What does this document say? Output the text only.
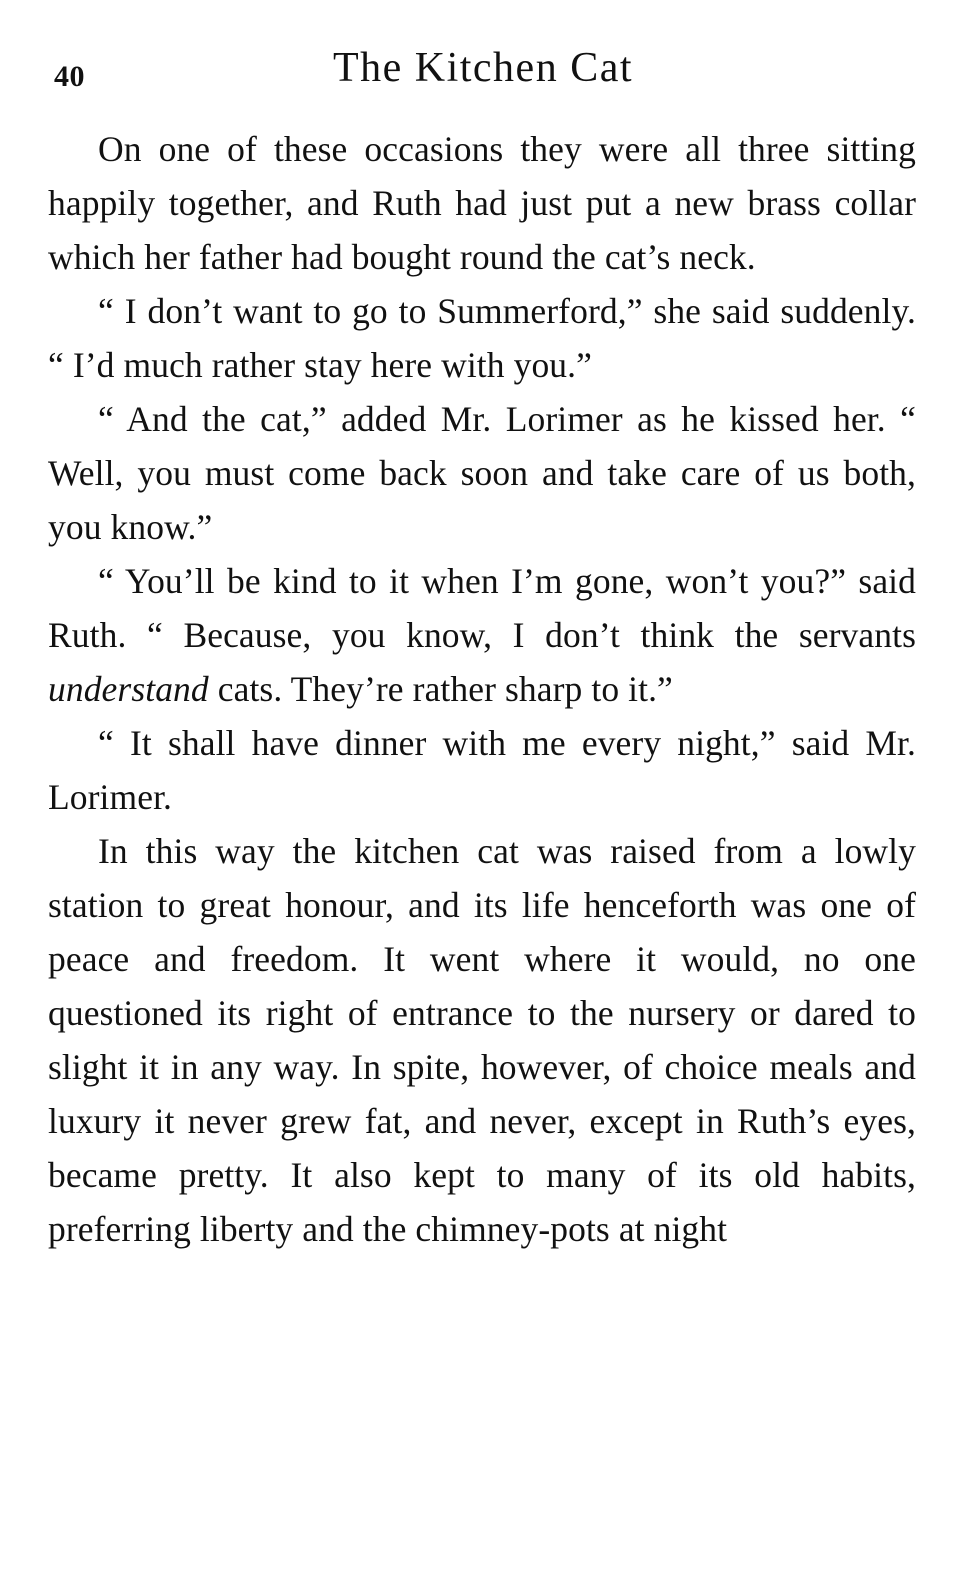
40	The Kitchen Cat

On one of these occasions they were all three sitting happily together, and Ruth had just put a new brass collar which her father had bought round the cat’s neck.

“ I don’t want to go to Summerford,” she said suddenly. “ I’d much rather stay here with you.”

“ And the cat,” added Mr. Lorimer as he kissed her. “ Well, you must come back soon and take care of us both, you know.”

“ You’ll be kind to it when I’m gone, won’t you?” said Ruth. “ Because, you know, I don’t think the servants understand cats. They’re rather sharp to it.”

“ It shall have dinner with me every night,” said Mr. Lorimer.

In this way the kitchen cat was raised from a lowly station to great honour, and its life henceforth was one of peace and freedom. It went where it would, no one questioned its right of entrance to the nursery or dared to slight it in any way. In spite, however, of choice meals and luxury it never grew fat, and never, except in Ruth’s eyes, became pretty. It also kept to many of its old habits, preferring liberty and the chimney-pots at night
